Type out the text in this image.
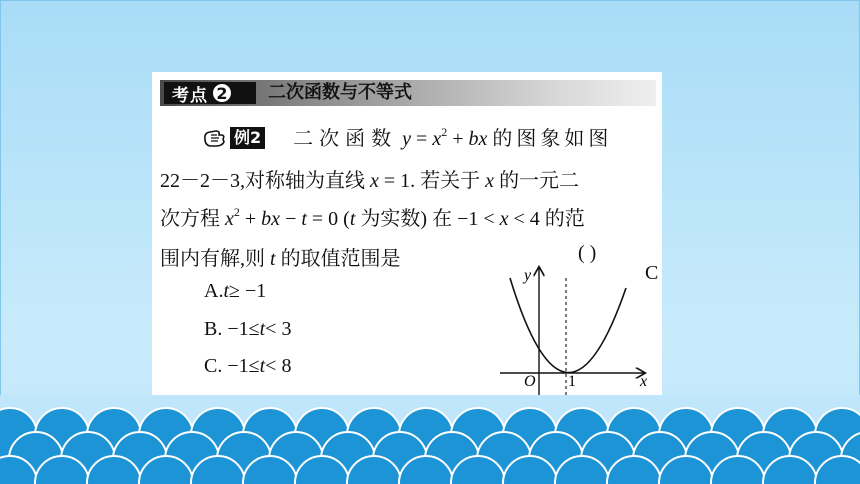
考点 2	二次函数与不等式
例2 二次函数 $y = x^2$ + bx 的图象如图
22－2－3,对称轴为直线 x = 1. 若关于 x 的一元二
次方程 $x^2$ + bx − t = 0 (t 为实数) 在 −1 < x < 4 的范
围内有解,则 t 的取值范围是	( )
A.t≥ −1
B. −1≤t< 3
C. −1≤t< 8
C
y
x
O 1
